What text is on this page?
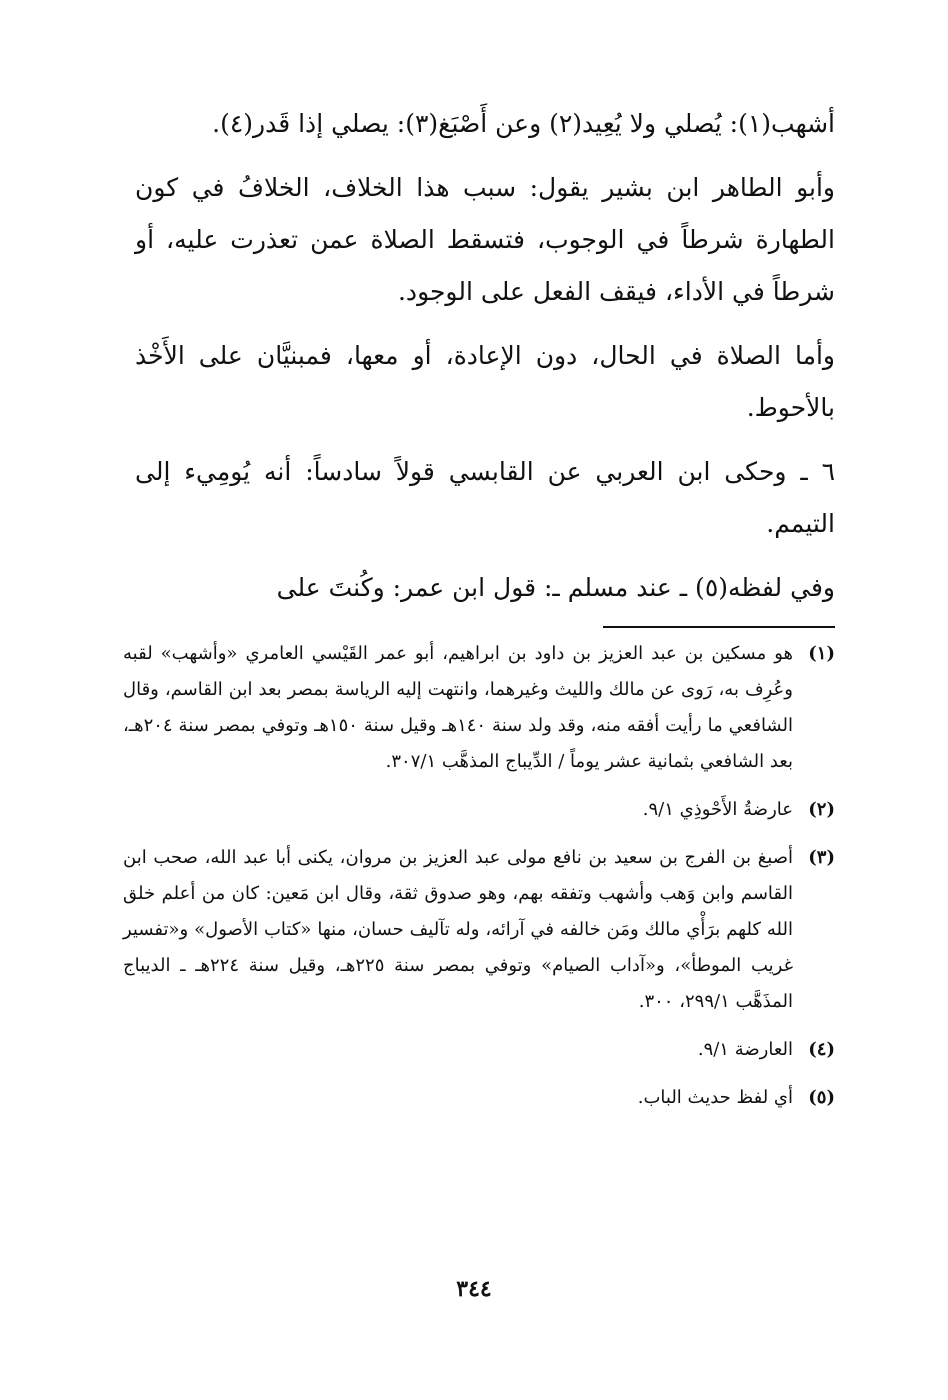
أشهب(١): يُصلي ولا يُعِيد(٢) وعن أَصْبَغ(٣): يصلي إذا قَدر(٤).

وأبو الطاهر ابن بشير يقول: سبب هذا الخلاف، الخلافُ في كون الطهارة شرطاً في الوجوب، فتسقط الصلاة عمن تعذرت عليه، أو شرطاً في الأداء، فيقف الفعل على الوجود.

وأما الصلاة في الحال، دون الإعادة، أو معها، فمبنيَّان على الأَخْذ بالأحوط.

٦ ـ وحكى ابن العربي عن القابسي قولاً سادساً: أنه يُومِيء إلى التيمم.

وفي لفظه(٥) ـ عند مسلم ـ: قول ابن عمر: وكُنتَ على

(١)
هو مسكين بن عبد العزيز بن داود بن ابراهيم، أبو عمر القَيْسي العامري «وأشهب» لقبه وعُرِف به، رَوى عن مالك والليث وغيرهما، وانتهت إليه الرياسة بمصر بعد ابن القاسم، وقال الشافعي ما رأيت أفقه منه، وقد ولد سنة ١٤٠هـ وقيل سنة ١٥٠هـ وتوفي بمصر سنة ٢٠٤هـ، بعد الشافعي بثمانية عشر يوماً / الدِّيباج المذهَّب ٣٠٧/١.
(٢)
عارضةُ الأَحْوذِي ٩/١.
(٣)
أصبغ بن الفرج بن سعيد بن نافع مولى عبد العزيز بن مروان، يكنى أبا عبد الله، صحب ابن القاسم وابن وَهب وأشهب وتفقه بهم، وهو صدوق ثقة، وقال ابن مَعين: كان من أعلم خلق الله كلهم برَأْي مالك ومَن خالفه في آرائه، وله تآليف حسان، منها «كتاب الأصول» و«تفسير غريب الموطأ»، و«آداب الصيام» وتوفي بمصر سنة ٢٢٥هـ، وقيل سنة ٢٢٤هـ ـ الديباج المذَهَّب ٢٩٩/١، ٣٠٠.
(٤)
العارضة ٩/١.
(٥)
أي لفظ حديث الباب.
٣٤٤
